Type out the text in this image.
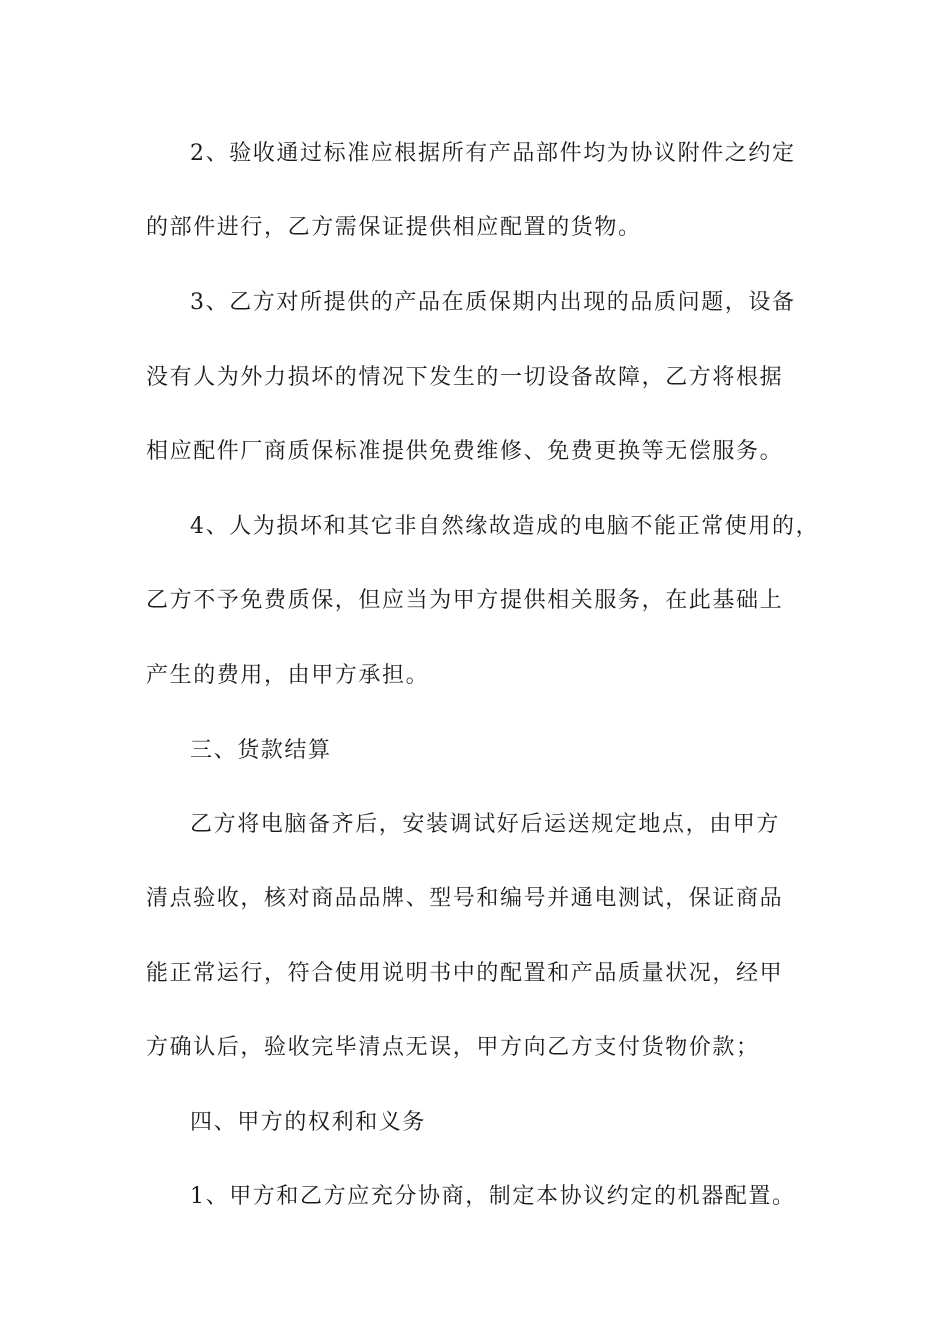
2、验收通过标准应根据所有产品部件均为协议附件之约定
的部件进行，乙方需保证提供相应配置的货物。
3、乙方对所提供的产品在质保期内出现的品质问题，设备
没有人为外力损坏的情况下发生的一切设备故障，乙方将根据
相应配件厂商质保标准提供免费维修、免费更换等无偿服务。
4、人为损坏和其它非自然缘故造成的电脑不能正常使用的，
乙方不予免费质保，但应当为甲方提供相关服务，在此基础上
产生的费用，由甲方承担。
三、货款结算
乙方将电脑备齐后，安装调试好后运送规定地点，由甲方
清点验收，核对商品品牌、型号和编号并通电测试，保证商品
能正常运行，符合使用说明书中的配置和产品质量状况，经甲
方确认后，验收完毕清点无误，甲方向乙方支付货物价款；
四、甲方的权利和义务
1、甲方和乙方应充分协商，制定本协议约定的机器配置。
